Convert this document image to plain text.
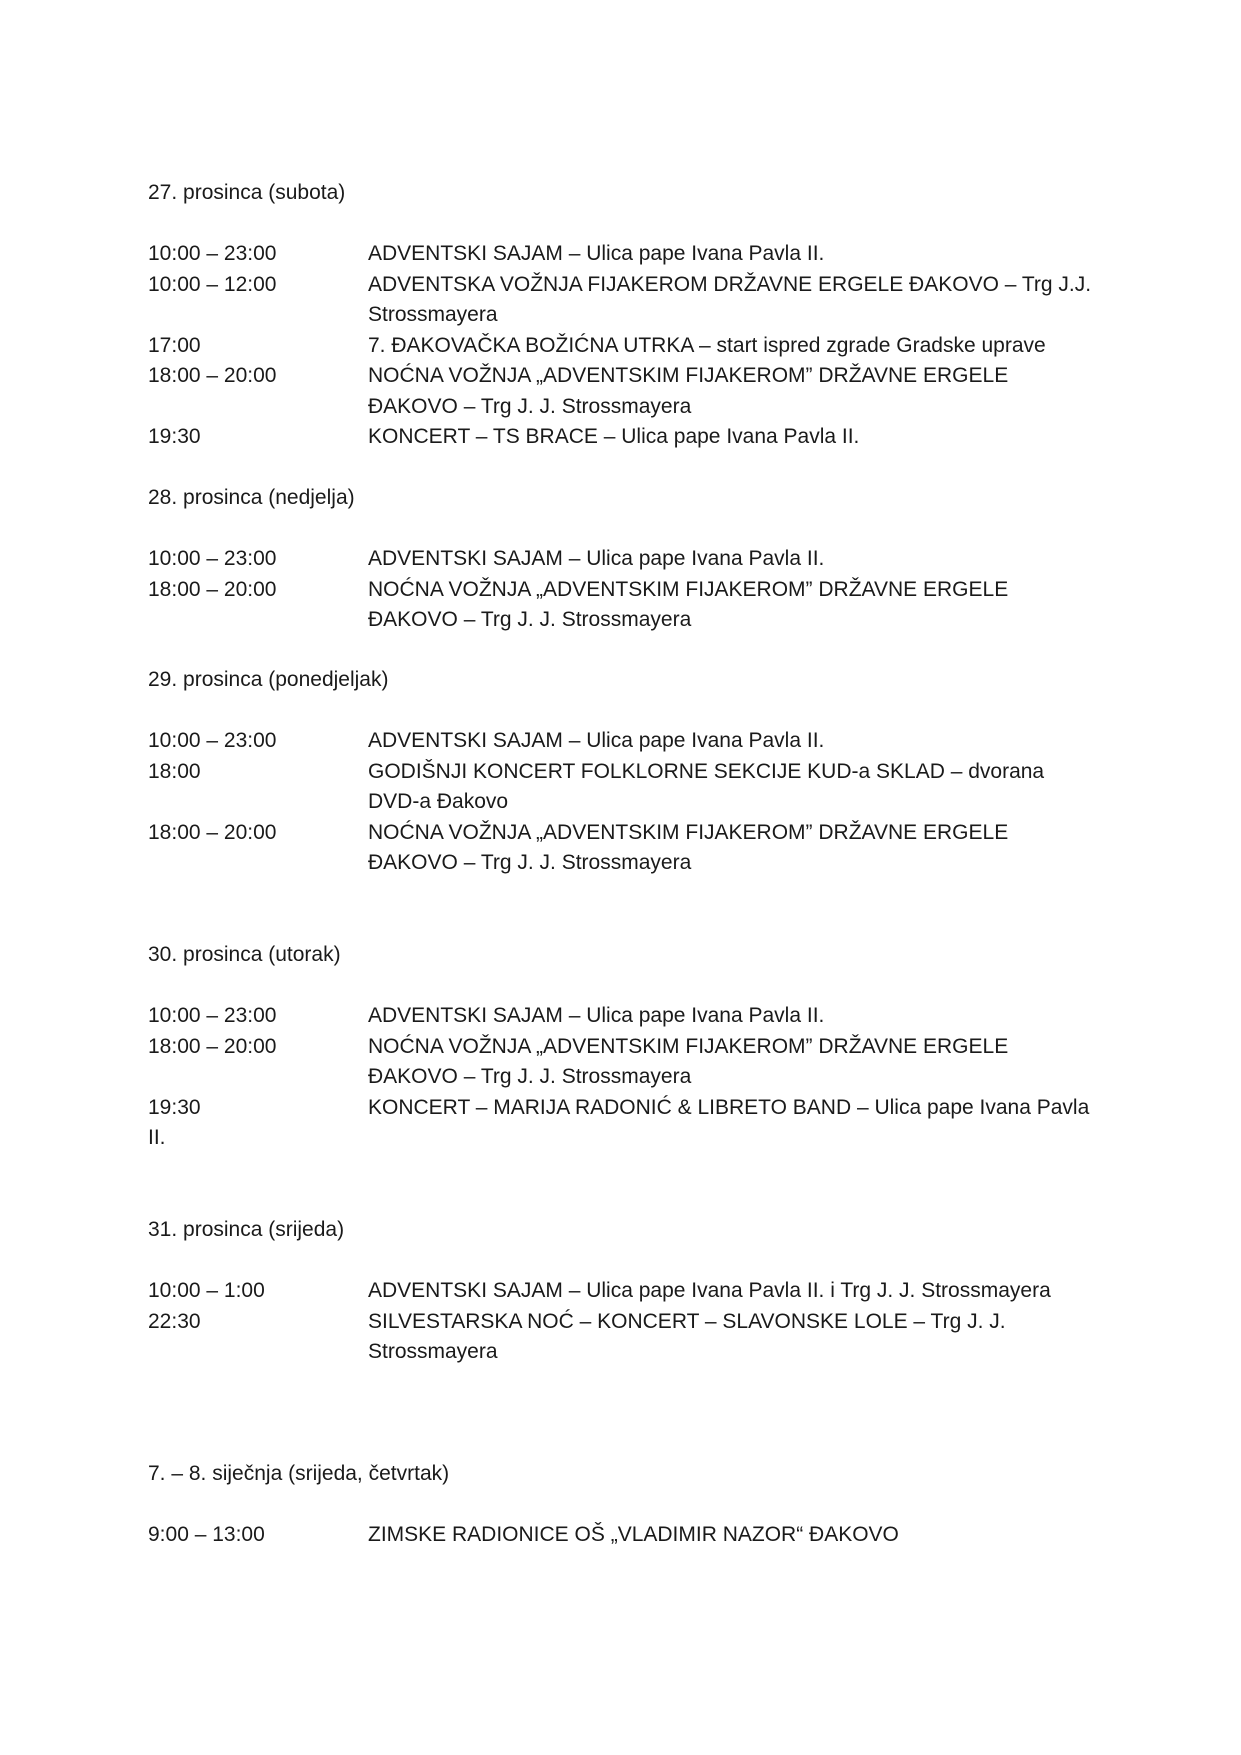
27. prosinca (subota)
10:00 – 23:00	ADVENTSKI SAJAM – Ulica pape Ivana Pavla II.
10:00 – 12:00	ADVENTSKA VOŽNJA FIJAKEROM DRŽAVNE ERGELE ĐAKOVO – Trg J.J. Strossmayera
17:00	7. ĐAKOVAČKA BOŽIĆNA UTRKA – start ispred zgrade Gradske uprave
18:00 – 20:00	NOĆNA VOŽNJA „ADVENTSKIM FIJAKEROM” DRŽAVNE ERGELE ĐAKOVO – Trg J. J. Strossmayera
19:30	KONCERT – TS BRACE – Ulica pape Ivana Pavla II.
28. prosinca (nedjelja)
10:00 – 23:00	ADVENTSKI SAJAM – Ulica pape Ivana Pavla II.
18:00 – 20:00	NOĆNA VOŽNJA „ADVENTSKIM FIJAKEROM” DRŽAVNE ERGELE ĐAKOVO – Trg J. J. Strossmayera
29. prosinca (ponedjeljak)
10:00 – 23:00	ADVENTSKI SAJAM – Ulica pape Ivana Pavla II.
18:00	GODIŠNJI KONCERT FOLKLORNE SEKCIJE KUD-a SKLAD – dvorana DVD-a Đakovo
18:00 – 20:00	NOĆNA VOŽNJA „ADVENTSKIM FIJAKEROM” DRŽAVNE ERGELE ĐAKOVO – Trg J. J. Strossmayera
30. prosinca (utorak)
10:00 – 23:00	ADVENTSKI SAJAM – Ulica pape Ivana Pavla II.
18:00 – 20:00	NOĆNA VOŽNJA „ADVENTSKIM FIJAKEROM” DRŽAVNE ERGELE ĐAKOVO – Trg J. J. Strossmayera
19:30	KONCERT – MARIJA RADONIĆ & LIBRETO BAND – Ulica pape Ivana Pavla II.
31. prosinca (srijeda)
10:00 – 1:00	ADVENTSKI SAJAM – Ulica pape Ivana Pavla II. i Trg J. J. Strossmayera
22:30	SILVESTARSKA NOĆ – KONCERT – SLAVONSKE LOLE – Trg J. J. Strossmayera
7. – 8. siječnja (srijeda, četvrtak)
9:00 – 13:00	ZIMSKE RADIONICE OŠ „VLADIMIR NAZOR“ ĐAKOVO
